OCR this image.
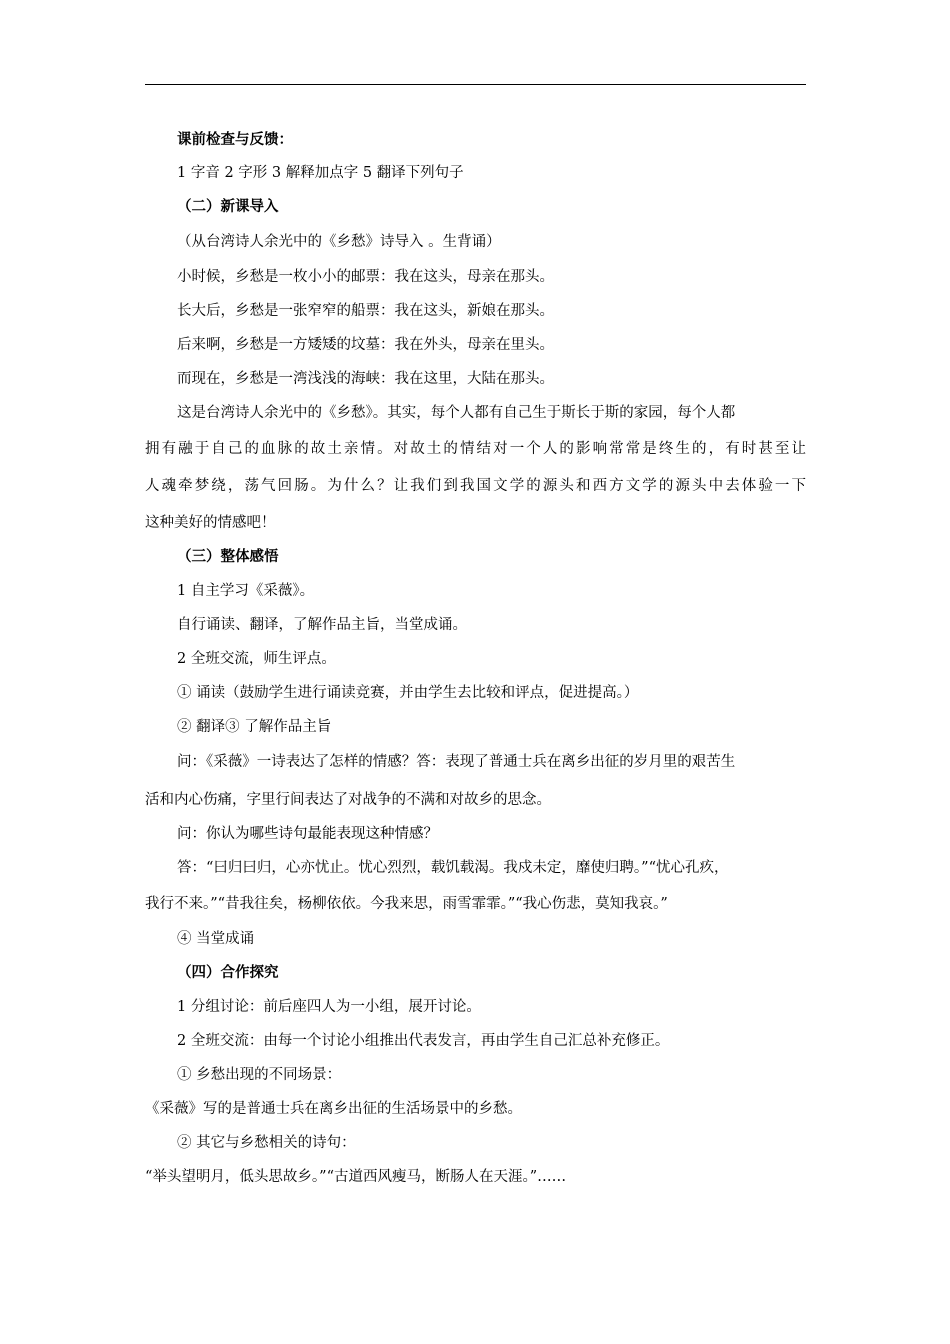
课前检查与反馈：
1 字音 2 字形 3 解释加点字 5 翻译下列句子
（二）新课导入
（从台湾诗人余光中的《乡愁》诗导入 。生背诵）
小时候，乡愁是一枚小小的邮票：我在这头，母亲在那头。
长大后，乡愁是一张窄窄的船票：我在这头，新娘在那头。
后来啊，乡愁是一方矮矮的坟墓：我在外头，母亲在里头。
而现在，乡愁是一湾浅浅的海峡：我在这里，大陆在那头。
这是台湾诗人余光中的《乡愁》。其实，每个人都有自己生于斯长于斯的家园，每个人都
拥有融于自己的血脉的故土亲情。对故土的情结对一个人的影响常常是终生的，有时甚至让
人魂牵梦绕，荡气回肠。为什么？让我们到我国文学的源头和西方文学的源头中去体验一下
这种美好的情感吧！
（三）整体感悟
1 自主学习《采薇》。
自行诵读、翻译，了解作品主旨，当堂成诵。
2 全班交流，师生评点。
① 诵读（鼓励学生进行诵读竞赛，并由学生去比较和评点，促进提高。）
② 翻译③ 了解作品主旨
问：《采薇》一诗表达了怎样的情感？答：表现了普通士兵在离乡出征的岁月里的艰苦生
活和内心伤痛，字里行间表达了对战争的不满和对故乡的思念。
问：你认为哪些诗句最能表现这种情感？
答：“曰归曰归，心亦忧止。忧心烈烈，载饥载渴。我戍未定，靡使归聘。”“忧心孔疚，
我行不来。”“昔我往矣，杨柳依依。今我来思，雨雪霏霏。”“我心伤悲，莫知我哀。”
④ 当堂成诵
（四）合作探究
1 分组讨论：前后座四人为一小组，展开讨论。
2 全班交流：由每一个讨论小组推出代表发言，再由学生自己汇总补充修正。
① 乡愁出现的不同场景：
《采薇》写的是普通士兵在离乡出征的生活场景中的乡愁。
② 其它与乡愁相关的诗句：
“举头望明月，低头思故乡。”“古道西风瘦马，断肠人在天涯。”……
